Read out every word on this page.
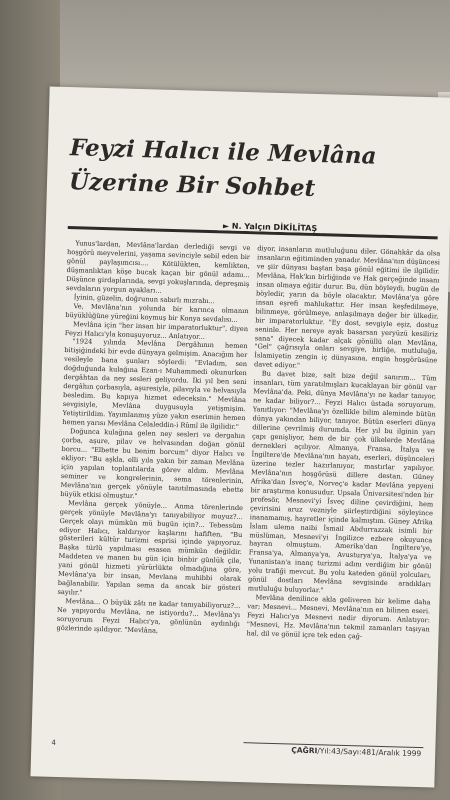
Feyzi Halıcı ile Mevlâna
Üzerine Bir Sohbet
► N. Yalçın DİKİLİTAŞ

Yunus'lardan, Mevlâna'lardan derlediği sevgi ve hoşgörü meyvelerini, yaşama sevinciyle sebil eden bir gönül paylaşımcısı.... Kötülükten, kemlikten, düşmanlıktan köşe bucak kaçan bir gönül adamı... Düşünce girdaplarında, sevgi yokuşlarında, depreşmiş sevdaların yorgun ayakları...

İyinin, güzelin, doğrunun sabırlı mızrabı...

Ve, Mevlâna'nın yolunda bir karınca olmanın büyüklüğüne yüreğini koymuş bir Konya sevdalısı...

Mevlâna için "her insan bir imparatorluktur", diyen Feyzi Halıcı'yla konuşuyoruz... Anlatıyor...

"1924 yılında Mevlâna Dergâhının hemen bitişiğindeki bir evde dünyaya gelmişim. Anacığım her vesileyle bana şunları söylerdi: "Evladım, sen doğduğunda kulağına Ezan-ı Muhammedi okunurken dergâhtan da ney sesleri geliyordu. İki yıl ben seni dergâhın çorbasıyla, aşuresiyle, pilavıyla ve helvasıyla besledim. Bu kapıya hizmet edeceksin." Mevlâna sevgisiyle, Mevlâna duygusuyla yetişmişim. Yetiştirildim. Yayımlanmış yüze yakın eserimin hemen hemen yarısı Mevlâna Celaleddin-i Rûmî ile ilgilidir."

Doğunca kulağına gelen ney sesleri ve dergahın çorba, aşure, pilav ve helvasından doğan gönül borcu... "Elbette bu benim borcum" diyor Halıcı ve ekliyor: "Bu aşkla, elli yıla yakın bir zaman Mevlâna için yapılan toplantılarda görev aldım. Mevlâna seminer ve kongrelerinin, sema törenlerinin, Mevlâna'nın gerçek yönüyle tanıtılmasında ebette büyük etkisi olmuştur."

Mevlâna gerçek yönüyle... Anma törenlerinde gerçek yönüyle Mevlâna'yı tanıyabiliyor muyuz?... Gerçek olayı mümkün mü bugün için?... Tebessüm ediyor Halıcı, kaldırıyor kaşlarını hafiften, "Bu gösterileri kültür turizmi esprisi içinde yapıyoruz. Başka türlü yapılması esasen mümkün değildir. Maddeten ve manen bu gün için binbir günlük çile, yani gönül hizmeti yürürlükte olmadığına göre, Mevlâna'ya bir insan, Mevlana muhibbi olarak bağlanabilir. Yapılan sema da ancak bir gösteri sayılır."

Mevlâna... O büyük zâtı ne kadar tanıyabiliyoruz?... Ne yapıyordu Mevlâna, ne istiyordu?... Mevlâna'yı soruyorum Feyzi Halıcı'ya, gönlünün aydınlığı gözlerinde ışıldıyor. "Mevlâna,

diyor, insanların mutluluğunu diler. Gönahkâr da olsa insanların eğitiminden yanadır. Mevlâna'nın düşüncesi ve şiir dünyası baştan başa gönül eğitimi ile ilgilidir. Mevlâna, Hak'kın birliğinde ve Hak gerçeğinde insanı insan olmaya eğitir durur. Bu, dün böyleydi, bugün de böyledir, yarın da böyle olacaktır. Mevlâna'ya göre insan eşrefi mahlukattır. Her insan keşfedilmeye, bilinmeye, görülmeye, anlaşılmaya değer bir ülkedir, bir imparatorluktur. "Ey dost, sevgiyle eşiz, dostuz seninle. Her nereye ayak basarsan yeryüzü kesiliriz sana" diyecek kadar alçak gönüllü olan Mevlâna, "Gel" çağrısıyla onları sevgiye, birliğe, mutluluğa, İslamiyetin zengin iç dünyasına, engin hoşgörüsüne davet ediyor."

Bu davet bize, salt bize değil sanırım... Tüm insanları, tüm yaratılmışları kucaklayan bir gönül var Mevlâna'da. Peki, dünya Mevlâna'yı ne kadar tanıyor, ne kadar biliyor?... Feyzi Halıcı üstada soruyorum. Yanıtlıyor: "Mevlâna'yı özellikle bilim aleminde bütün dünya yakından biliyor, tanıyor. Bütün eserleri dünya dillerine çevrilmiş durumda. Her yıl bu ilginin yarı çapı genişliyor, hem de bir çok ülkelerde Mevlâna dernekleri açılıyor. Almanya, Fransa, İtalya ve İngiltere'de Mevlâna'nın hayatı, eserleri, düşünceleri üzerine tezler hazırlanıyor, mastırlar yapılıyor. Mevlâna'nın hoşgörüsü dillere destan. Güney Afrika'dan İsveç'e, Norveç'e kadar Mevlâna yepyeni bir araştırma konusudur. Upsala Üniversitesi'nden bir profesör, Mesnevi'yi İsveç diline çevirdiğini, hem çevirisini aruz vezniyle şiirleştirdiğini söyleyince inanamamış, hayretler içinde kalmıştım. Güney Afrika İslam ulema naibi İsmail Abdurrazzak isimli bir müslüman, Mesnevi'yi İngilizce ezbere okuyunca hayran olmuştum. Amerika'dan İngiltere'ye, Fransa'ya, Almanya'ya, Avusturya'ya, İtalya'ya ve Yunanistan'a inanç turizmi adını verdiğim bir gönül yolu trafiği mevcut. Bu yolu kateden gönül yolcuları, gönül dostları Mevlâna sevgisinde aradıkları mutluluğu buluyorlar."

Mevlâna denilince akla geliveren bir kelime daha var; Mesnevi... Mesnevi, Mevlâna'nın en bilinen eseri. Feyzi Halıcı'ya Mesnevi nedir diyorum. Anlatıyor: "Mesnevi, Hz. Mevlâna'nın tekmil zamanları taşıyan hal, dil ve gönül içre tek eden çağ-

4
ÇAĞRI/Yıl:43/Sayı:481/Aralık 1999
